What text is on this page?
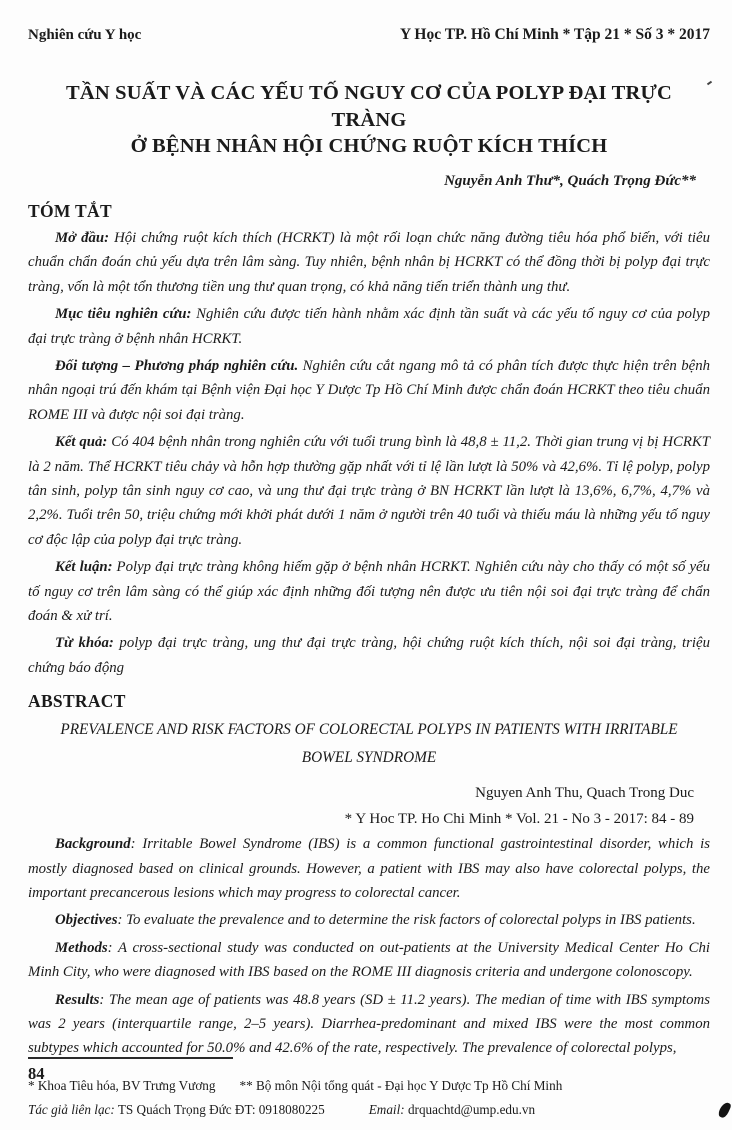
Nghiên cứu Y học	Y Học TP. Hồ Chí Minh * Tập 21 * Số 3 * 2017
TẦN SUẤT VÀ CÁC YẾU TỐ NGUY CƠ CỦA POLYP ĐẠI TRỰC TRÀNG
Ở BỆNH NHÂN HỘI CHỨNG RUỘT KÍCH THÍCH
Nguyễn Anh Thư*, Quách Trọng Đức**
TÓM TẮT

Mở đầu: Hội chứng ruột kích thích (HCRKT) là một rối loạn chức năng đường tiêu hóa phổ biến, với tiêu chuẩn chẩn đoán chủ yếu dựa trên lâm sàng. Tuy nhiên, bệnh nhân bị HCRKT có thể đồng thời bị polyp đại trực tràng, vốn là một tổn thương tiền ung thư quan trọng, có khả năng tiến triển thành ung thư.

Mục tiêu nghiên cứu: Nghiên cứu được tiến hành nhằm xác định tần suất và các yếu tố nguy cơ của polyp đại trực tràng ở bệnh nhân HCRKT.

Đối tượng – Phương pháp nghiên cứu. Nghiên cứu cắt ngang mô tả có phân tích được thực hiện trên bệnh nhân ngoại trú đến khám tại Bệnh viện Đại học Y Dược Tp Hồ Chí Minh được chẩn đoán HCRKT theo tiêu chuẩn ROME III và được nội soi đại tràng.

Kết quả: Có 404 bệnh nhân trong nghiên cứu với tuổi trung bình là 48,8 ± 11,2. Thời gian trung vị bị HCRKT là 2 năm. Thể HCRKT tiêu chảy và hỗn hợp thường gặp nhất với tỉ lệ lần lượt là 50% và 42,6%. Tỉ lệ polyp, polyp tân sinh, polyp tân sinh nguy cơ cao, và ung thư đại trực tràng ở BN HCRKT lần lượt là 13,6%, 6,7%, 4,7% và 2,2%. Tuổi trên 50, triệu chứng mới khởi phát dưới 1 năm ở người trên 40 tuổi và thiếu máu là những yếu tố nguy cơ độc lập của polyp đại trực tràng.

Kết luận: Polyp đại trực tràng không hiếm gặp ở bệnh nhân HCRKT. Nghiên cứu này cho thấy có một số yếu tố nguy cơ trên lâm sàng có thể giúp xác định những đối tượng nên được ưu tiên nội soi đại trực tràng để chẩn đoán & xử trí.

Từ khóa: polyp đại trực tràng, ung thư đại trực tràng, hội chứng ruột kích thích, nội soi đại tràng, triệu chứng báo động

ABSTRACT
PREVALENCE AND RISK FACTORS OF COLORECTAL POLYPS IN PATIENTS WITH IRRITABLE
BOWEL SYNDROME
Nguyen Anh Thu, Quach Trong Duc
* Y Hoc TP. Ho Chi Minh * Vol. 21 - No 3 - 2017: 84 - 89

Background: Irritable Bowel Syndrome (IBS) is a common functional gastrointestinal disorder, which is mostly diagnosed based on clinical grounds. However, a patient with IBS may also have colorectal polyps, the important precancerous lesions which may progress to colorectal cancer.

Objectives: To evaluate the prevalence and to determine the risk factors of colorectal polyps in IBS patients.

Methods: A cross-sectional study was conducted on out-patients at the University Medical Center Ho Chi Minh City, who were diagnosed with IBS based on the ROME III diagnosis criteria and undergone colonoscopy.

Results: The mean age of patients was 48.8 years (SD ± 11.2 years). The median of time with IBS symptoms was 2 years (interquartile range, 2–5 years). Diarrhea-predominant and mixed IBS were the most common subtypes which accounted for 50.0% and 42.6% of the rate, respectively. The prevalence of colorectal polyps,

* Khoa Tiêu hóa, BV Trưng Vương ** Bộ môn Nội tổng quát - Đại học Y Dược Tp Hồ Chí Minh
Tác giả liên lạc: TS Quách Trọng Đức ĐT: 0918080225	Email: drquachtd@ump.edu.vn
84
